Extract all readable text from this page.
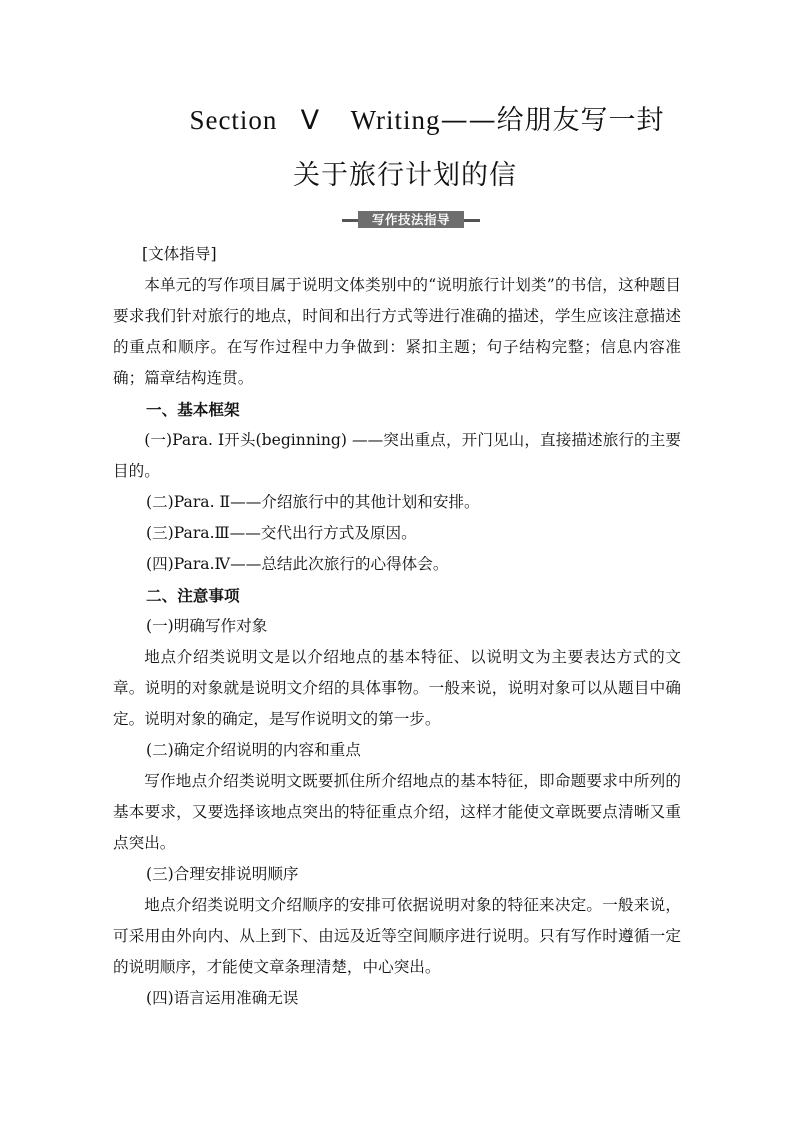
Section   Ⅴ    Writing——给朋友写一封
关于旅行计划的信
写作技法指导

[文体指导]

本单元的写作项目属于说明文体类别中的“说明旅行计划类”的书信，这种题目要求我们针对旅行的地点，时间和出行方式等进行准确的描述，学生应该注意描述的重点和顺序。在写作过程中力争做到：紧扣主题；句子结构完整；信息内容准确；篇章结构连贯。

一、基本框架

(一)Para. Ⅰ开头(beginning) ——突出重点，开门见山，直接描述旅行的主要目的。

(二)Para. Ⅱ——介绍旅行中的其他计划和安排。

(三)Para.Ⅲ——交代出行方式及原因。

(四)Para.Ⅳ——总结此次旅行的心得体会。

二、注意事项

(一)明确写作对象

地点介绍类说明文是以介绍地点的基本特征、以说明文为主要表达方式的文章。说明的对象就是说明文介绍的具体事物。一般来说，说明对象可以从题目中确定。说明对象的确定，是写作说明文的第一步。

(二)确定介绍说明的内容和重点

写作地点介绍类说明文既要抓住所介绍地点的基本特征，即命题要求中所列的基本要求，又要选择该地点突出的特征重点介绍，这样才能使文章既要点清晰又重点突出。

(三)合理安排说明顺序

地点介绍类说明文介绍顺序的安排可依据说明对象的特征来决定。一般来说，可采用由外向内、从上到下、由远及近等空间顺序进行说明。只有写作时遵循一定的说明顺序，才能使文章条理清楚，中心突出。

(四)语言运用准确无误
